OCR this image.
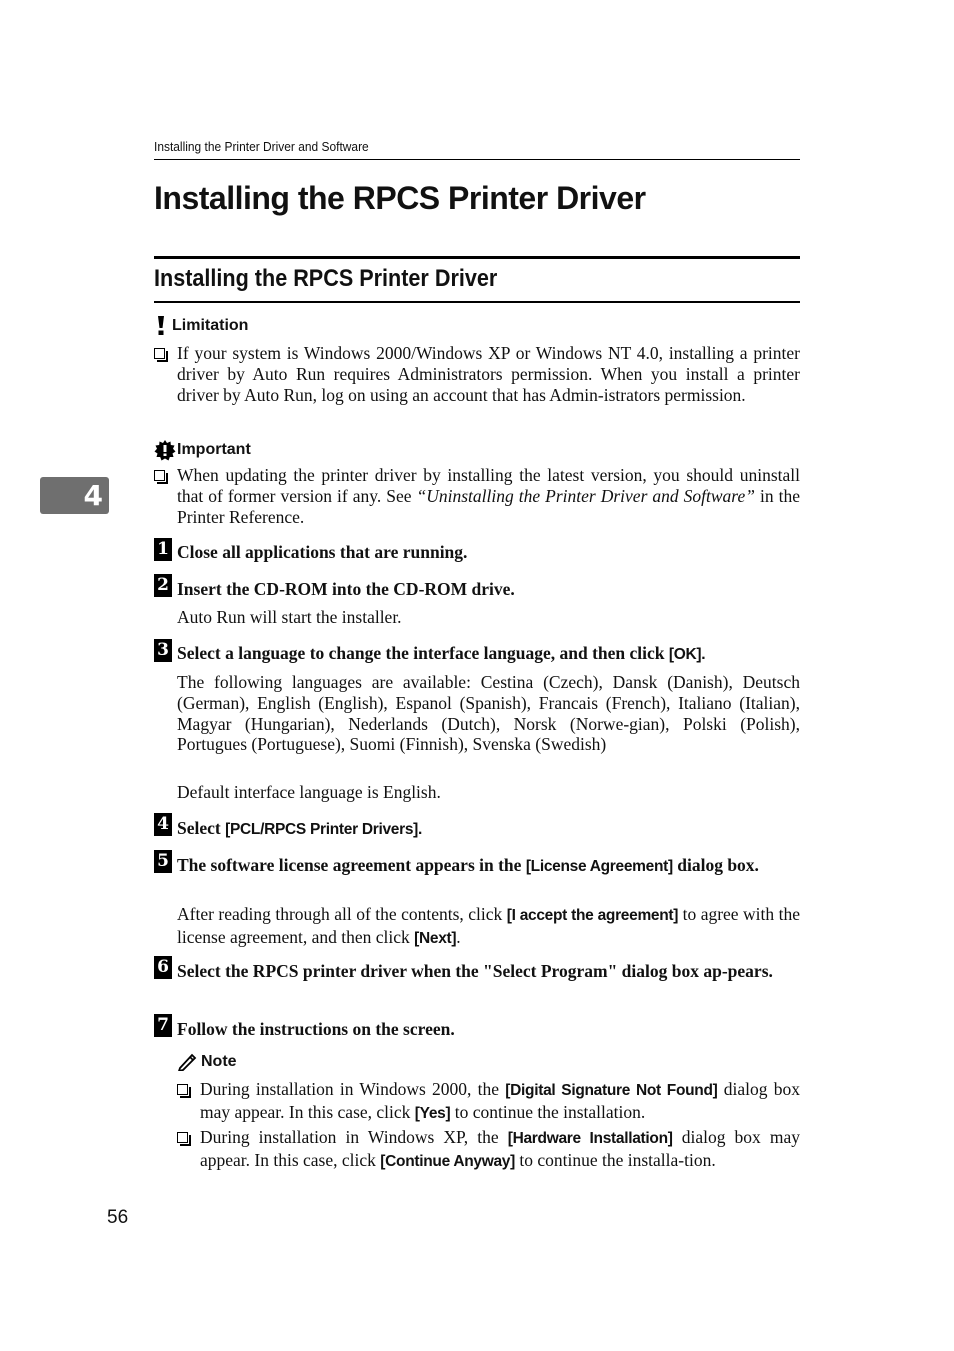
Installing the Printer Driver and Software
Installing the RPCS Printer Driver
Installing the RPCS Printer Driver
Limitation
If your system is Windows 2000/Windows XP or Windows NT 4.0, installing a printer driver by Auto Run requires Administrators permission. When you install a printer driver by Auto Run, log on using an account that has Admin-istrators permission.
Important
When updating the printer driver by installing the latest version, you should uninstall that of former version if any. See “Uninstalling the Printer Driver and Software” in the Printer Reference.
4
1 Close all applications that are running.
2 Insert the CD-ROM into the CD-ROM drive.
Auto Run will start the installer.
3 Select a language to change the interface language, and then click [OK].
The following languages are available: Cestina (Czech), Dansk (Danish), Deutsch (German), English (English), Espanol (Spanish), Francais (French), Italiano (Italian), Magyar (Hungarian), Nederlands (Dutch), Norsk (Norwe-gian), Polski (Polish), Portugues (Portuguese), Suomi (Finnish), Svenska (Swedish)
Default interface language is English.
4 Select [PCL/RPCS Printer Drivers].
5 The software license agreement appears in the [License Agreement] dialog box.
After reading through all of the contents, click [I accept the agreement] to agree with the license agreement, and then click [Next].
6 Select the RPCS printer driver when the "Select Program" dialog box ap-pears.
7 Follow the instructions on the screen.
Note
During installation in Windows 2000, the [Digital Signature Not Found] dialog box may appear. In this case, click [Yes] to continue the installation.
During installation in Windows XP, the [Hardware Installation] dialog box may appear. In this case, click [Continue Anyway] to continue the installa-tion.
56
